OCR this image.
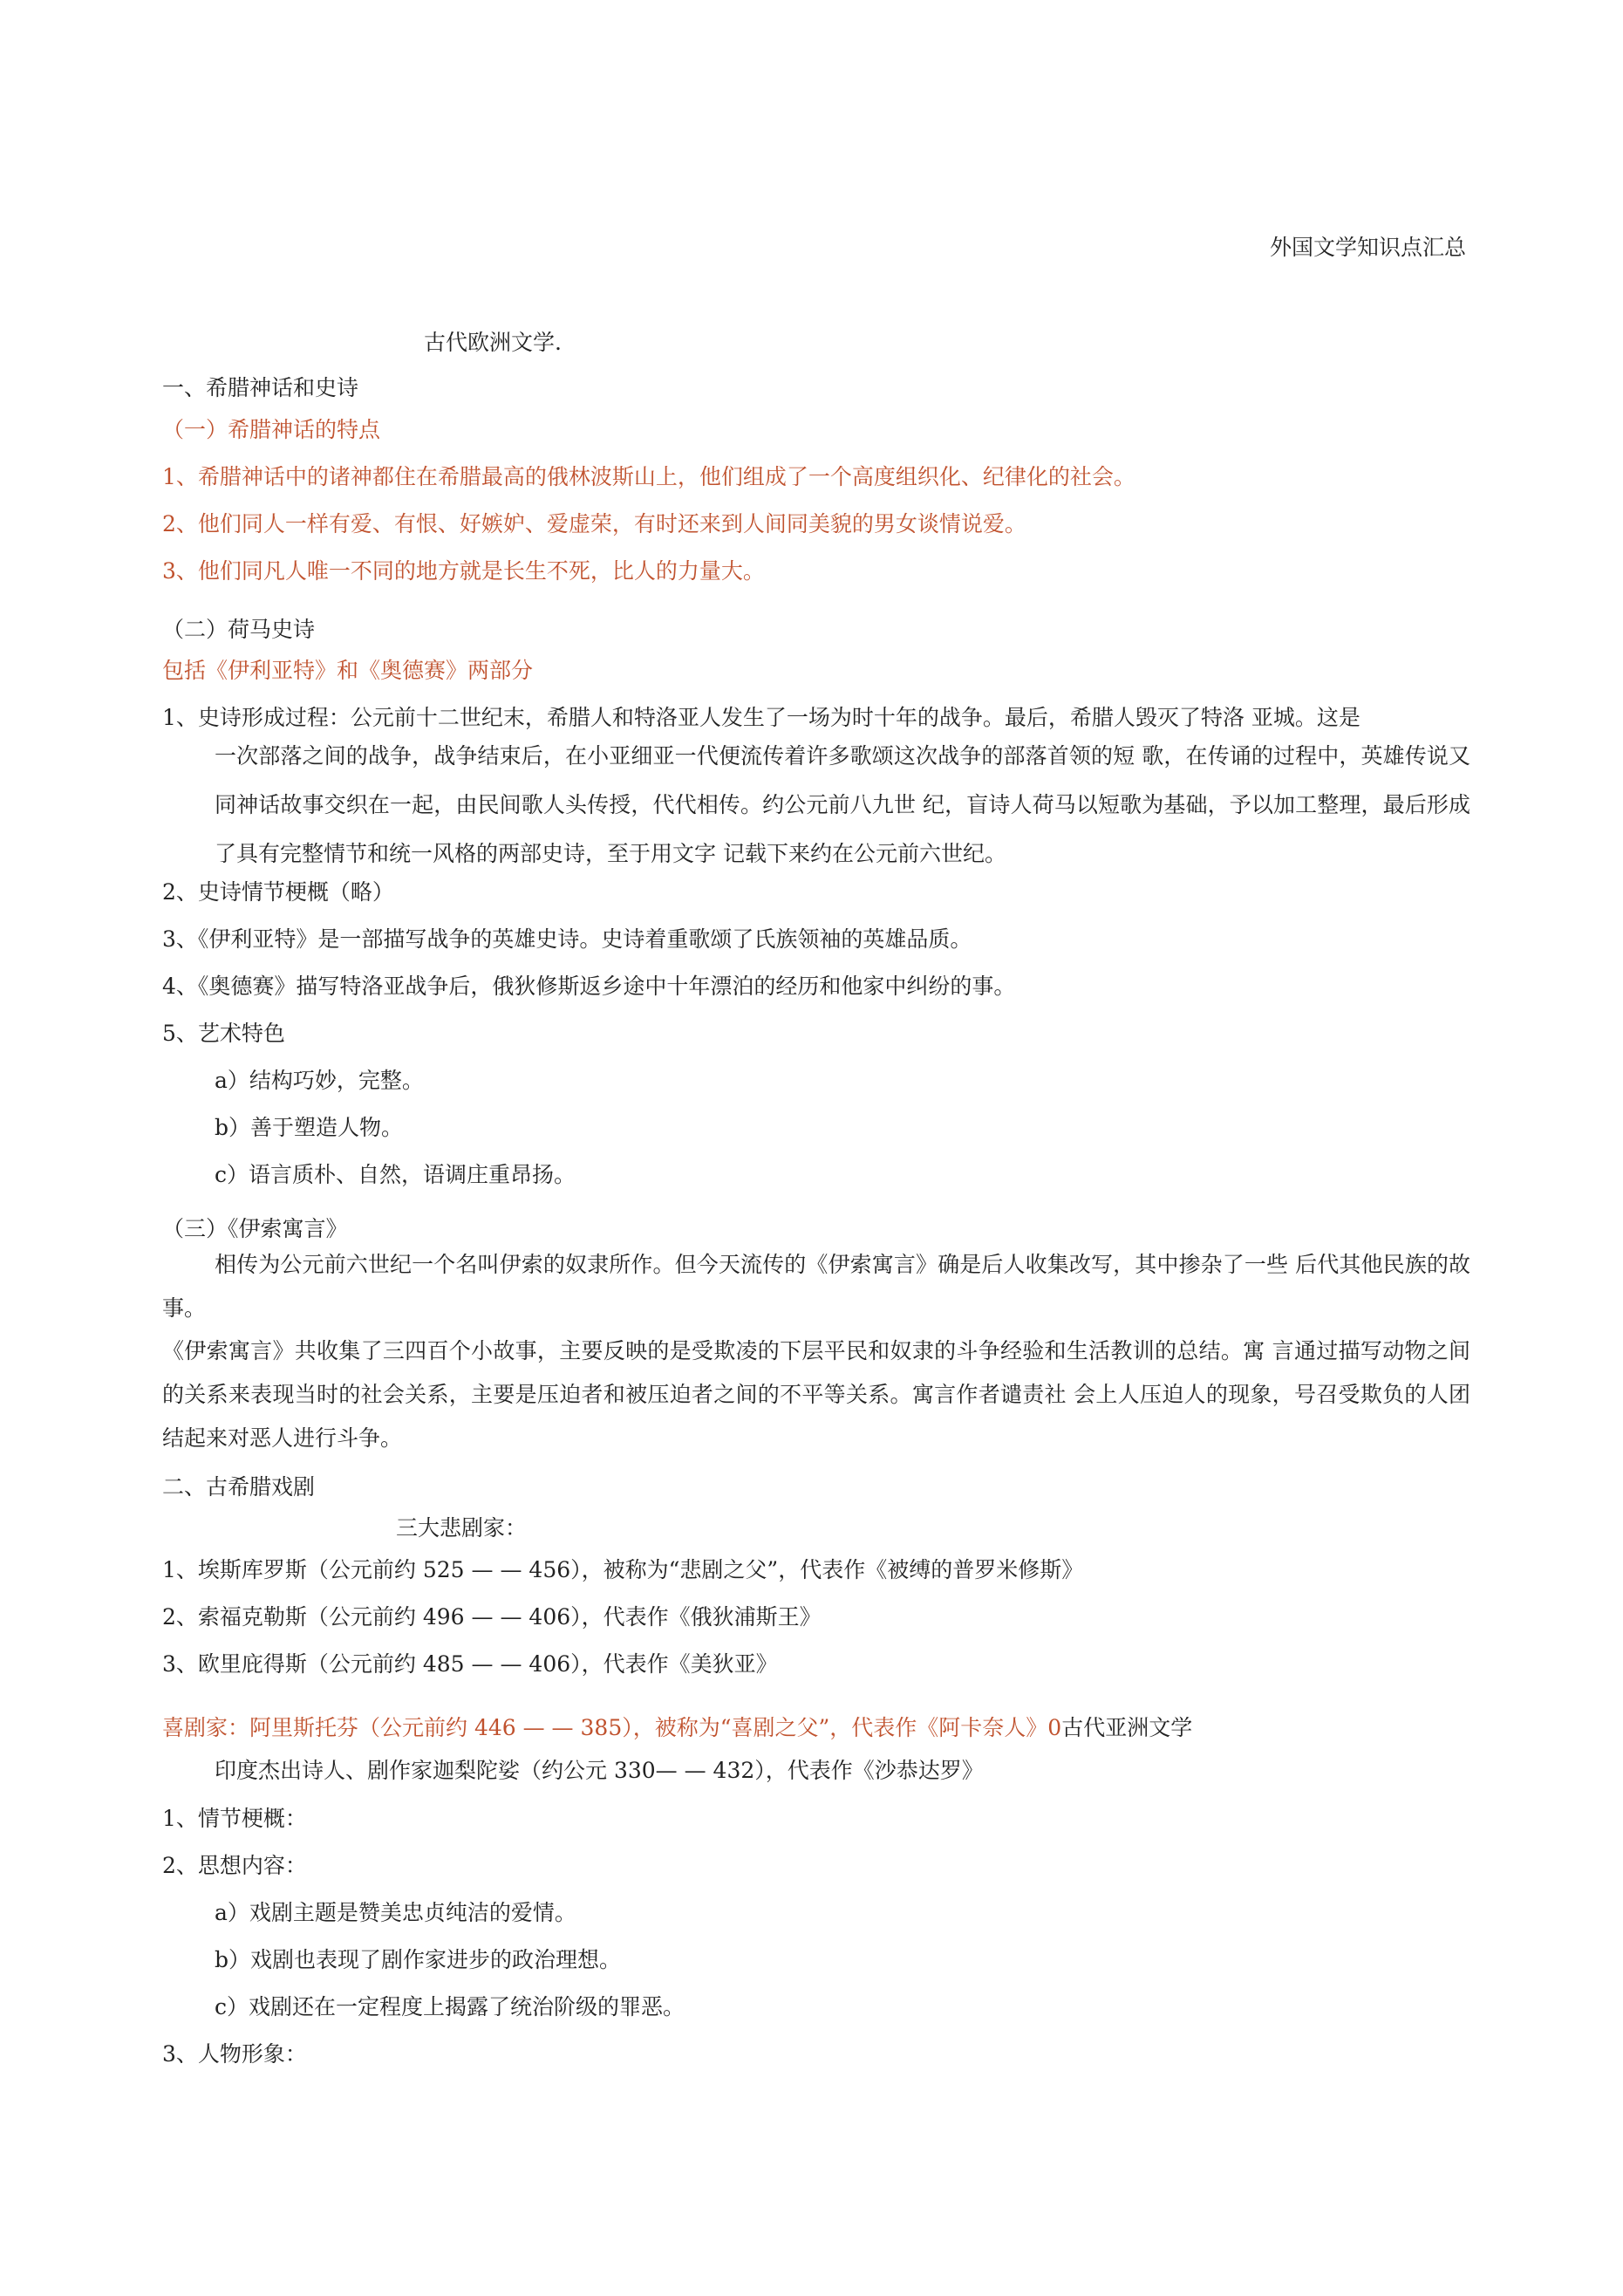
外国文学知识点汇总

古代欧洲文学.

一、希腊神话和史诗

（一）希腊神话的特点

1、希腊神话中的诸神都住在希腊最高的俄林波斯山上，他们组成了一个高度组织化、纪律化的社会。

2、他们同人一样有爱、有恨、好嫉妒、爱虚荣，有时还来到人间同美貌的男女谈情说爱。

3、他们同凡人唯一不同的地方就是长生不死，比人的力量大。

（二）荷马史诗

包括《伊利亚特》和《奥德赛》两部分

1、史诗形成过程：公元前十二世纪末，希腊人和特洛亚人发生了一场为时十年的战争。最后，希腊人毁灭了特洛 亚城。这是

一次部落之间的战争，战争结束后，在小亚细亚一代便流传着许多歌颂这次战争的部落首领的短 歌，在传诵的过程中，英雄传说又同神话故事交织在一起，由民间歌人头传授，代代相传。约公元前八九世 纪，盲诗人荷马以短歌为基础，予以加工整理，最后形成了具有完整情节和统一风格的两部史诗，至于用文字 记载下来约在公元前六世纪。

2、史诗情节梗概（略）

3、《伊利亚特》是一部描写战争的英雄史诗。史诗着重歌颂了氏族领袖的英雄品质。

4、《奥德赛》描写特洛亚战争后，俄狄修斯返乡途中十年漂泊的经历和他家中纠纷的事。

5、艺术特色

a）结构巧妙，完整。

b）善于塑造人物。

c）语言质朴、自然，语调庄重昂扬。

（三）《伊索寓言》

相传为公元前六世纪一个名叫伊索的奴隶所作。但今天流传的《伊索寓言》确是后人收集改写，其中掺杂了一些 后代其他民族的故事。

《伊索寓言》共收集了三四百个小故事，主要反映的是受欺凌的下层平民和奴隶的斗争经验和生活教训的总结。寓 言通过描写动物之间的关系来表现当时的社会关系，主要是压迫者和被压迫者之间的不平等关系。寓言作者谴责社 会上人压迫人的现象，号召受欺负的人团结起来对恶人进行斗争。

二、古希腊戏剧

三大悲剧家：

1、埃斯库罗斯（公元前约 525 — — 456），被称为“悲剧之父”，代表作《被缚的普罗米修斯》

2、索福克勒斯（公元前约 496 — — 406），代表作《俄狄浦斯王》

3、欧里庇得斯（公元前约 485 — — 406），代表作《美狄亚》

喜剧家：阿里斯托芬（公元前约 446 — — 385），被称为“喜剧之父”，代表作《阿卡奈人》0古代亚洲文学

印度杰出诗人、剧作家迦梨陀娑（约公元 330— — 432），代表作《沙恭达罗》

1、情节梗概：

2、思想内容：

a）戏剧主题是赞美忠贞纯洁的爱情。

b）戏剧也表现了剧作家进步的政治理想。

c）戏剧还在一定程度上揭露了统治阶级的罪恶。

3、人物形象：
